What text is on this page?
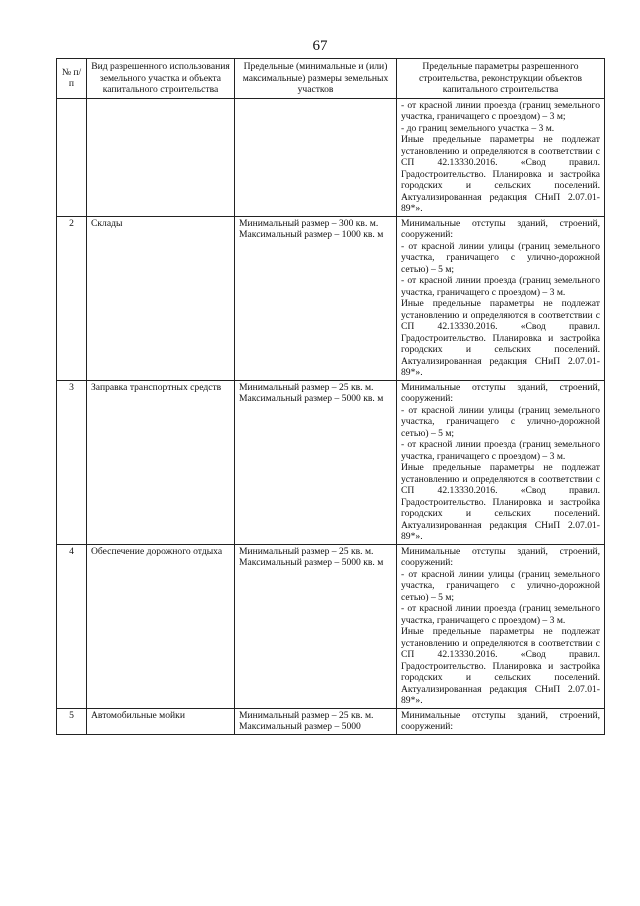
67
№ п/п	Вид разрешенного использования земельного участка и объекта капитального строительства	Предельные (минимальные и (или) максимальные) размеры земельных участков	Предельные параметры разрешенного строительства, реконструкции объектов капитального строительства

			- от красной линии проезда (границ земельного участка, граничащего с проездом) – 3 м;
- до границ земельного участка – 3 м.
Иные предельные параметры не подлежат установлению и определяются в соответствии с СП 42.13330.2016. «Свод правил. Градостроительство. Планировка и застройка городских и сельских поселений. Актуализированная редакция СНиП 2.07.01-89*».

2	Склады	Минимальный размер – 300 кв. м.
Максимальный размер – 1000 кв. м	Минимальные отступы зданий, строений, сооружений:
- от красной линии улицы (границ земельного участка, граничащего с улично-дорожной сетью) – 5 м;
- от красной линии проезда (границ земельного участка, граничащего с проездом) – 3 м.
Иные предельные параметры не подлежат установлению и определяются в соответствии с СП 42.13330.2016. «Свод правил. Градостроительство. Планировка и застройка городских и сельских поселений. Актуализированная редакция СНиП 2.07.01-89*».

3	Заправка транспортных средств	Минимальный размер – 25 кв. м.
Максимальный размер – 5000 кв. м	Минимальные отступы зданий, строений, сооружений:
- от красной линии улицы (границ земельного участка, граничащего с улично-дорожной сетью) – 5 м;
- от красной линии проезда (границ земельного участка, граничащего с проездом) – 3 м.
Иные предельные параметры не подлежат установлению и определяются в соответствии с СП 42.13330.2016. «Свод правил. Градостроительство. Планировка и застройка городских и сельских поселений. Актуализированная редакция СНиП 2.07.01-89*».

4	Обеспечение дорожного отдыха	Минимальный размер – 25 кв. м.
Максимальный размер – 5000 кв. м	Минимальные отступы зданий, строений, сооружений:
- от красной линии улицы (границ земельного участка, граничащего с улично-дорожной сетью) – 5 м;
- от красной линии проезда (границ земельного участка, граничащего с проездом) – 3 м.
Иные предельные параметры не подлежат установлению и определяются в соответствии с СП 42.13330.2016. «Свод правил. Градостроительство. Планировка и застройка городских и сельских поселений. Актуализированная редакция СНиП 2.07.01-89*».

5	Автомобильные мойки	Минимальный размер – 25 кв. м.
Максимальный размер – 5000	Минимальные отступы зданий, строений, сооружений:
